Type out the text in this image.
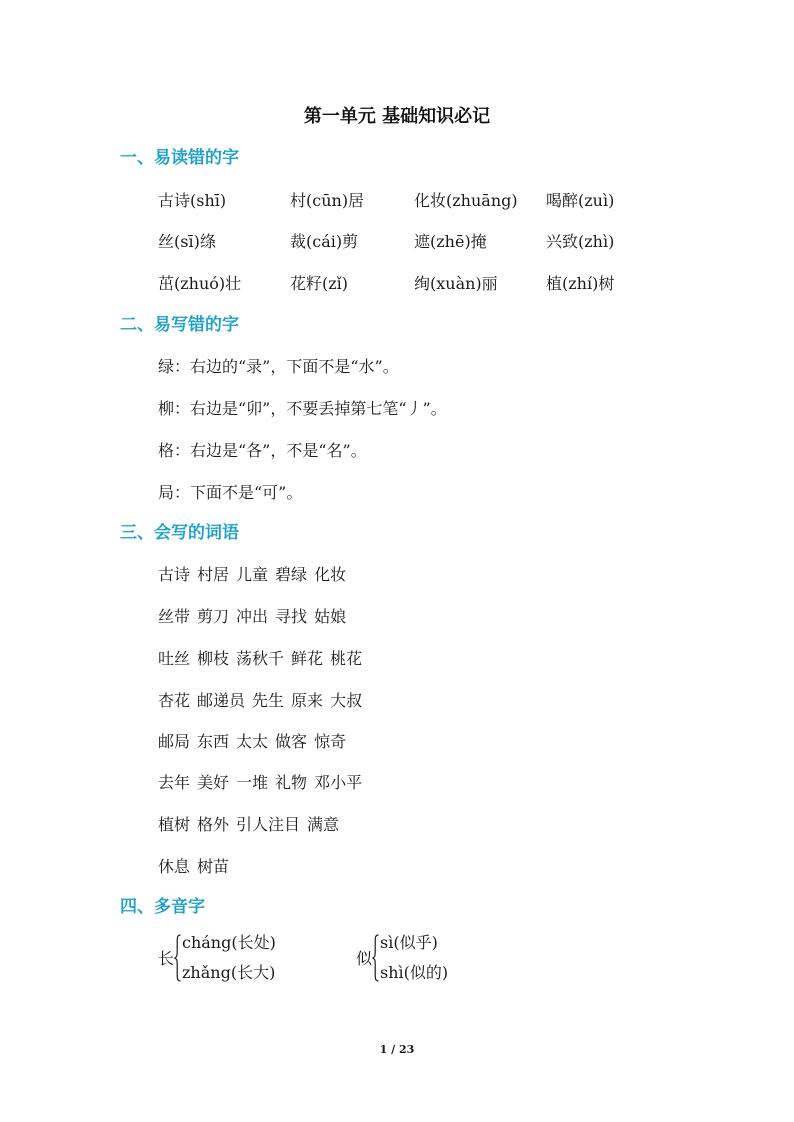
第一单元 基础知识必记
一、易读错的字
古诗(shī)	村(cūn)居	化妆(zhuāng) 喝醉(zuì)
丝(sī)绦	裁(cái)剪	遮(zhē)掩	兴致(zhì)
茁(zhuó)壮	花籽(zǐ)	绚(xuàn)丽	植(zhí)树
二、易写错的字
绿：右边的“录”，下面不是“水”。
柳：右边是“卯”，不要丢掉第七笔“丿”。
格：右边是“各”，不是“名”。
局：下面不是“可”。
三、会写的词语
古诗 村居 儿童 碧绿 化妆
丝带 剪刀 冲出 寻找 姑娘
吐丝 柳枝 荡秋千 鲜花 桃花
杏花 邮递员 先生 原来 大叔
邮局 东西 太太 做客 惊奇
去年 美好 一堆 礼物 邓小平
植树 格外 引人注目 满意
休息 树苗
四、多音字
长
cháng(长处)
zhǎng(长大)
似
sì(似乎)
shì(似的)
1 / 23
